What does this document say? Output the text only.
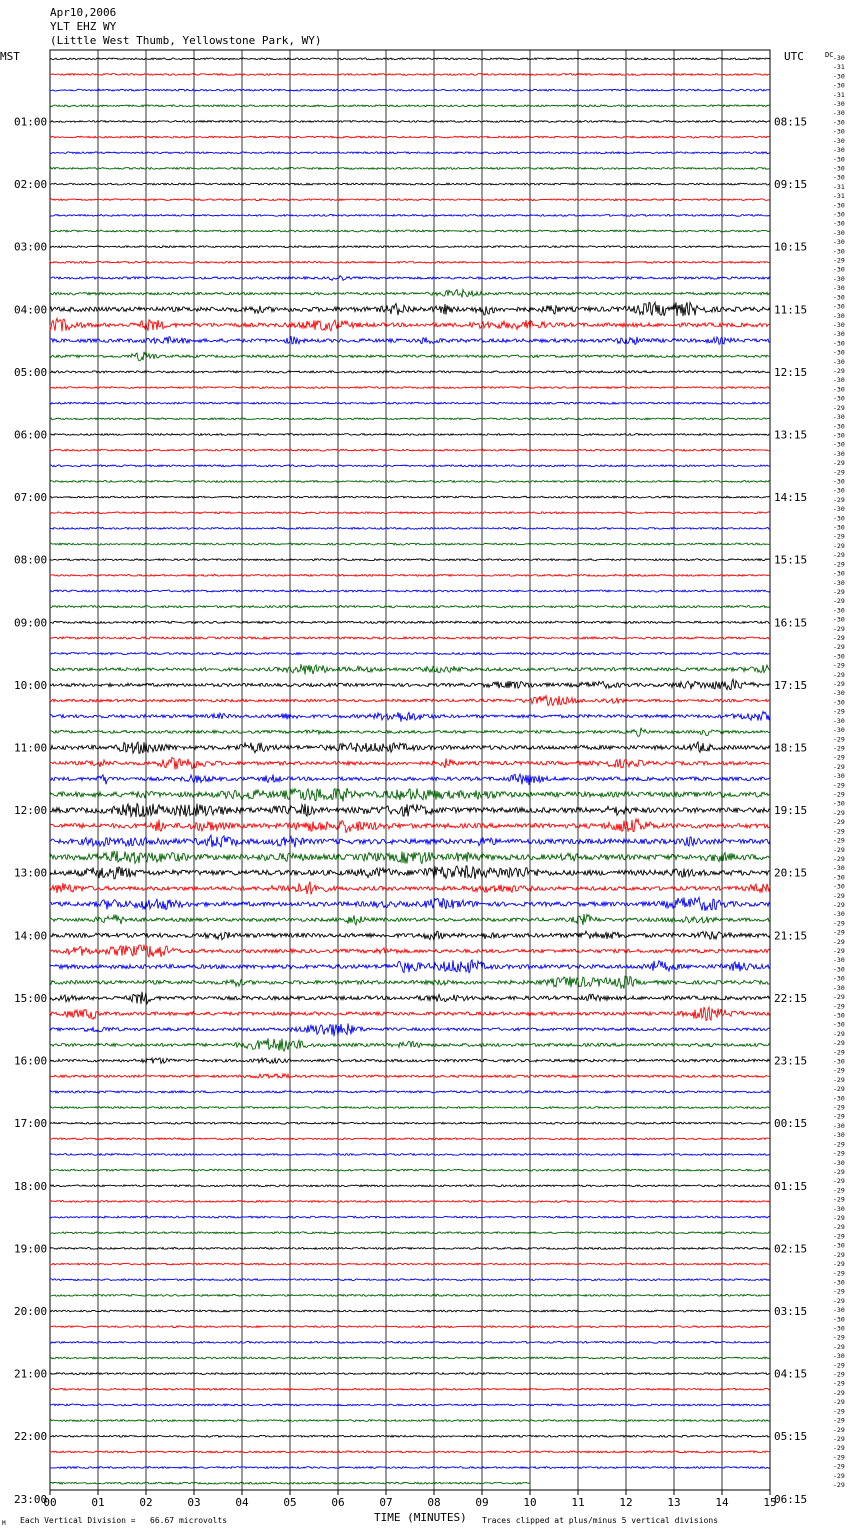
Apr10,2006
YLT EHZ WY
(Little West Thumb, Yellowstone Park, WY)
MST	UTC	DC
01:00
02:00
03:00
04:00
05:00
06:00
07:00
08:00
09:00
10:00
11:00
12:00
13:00
14:00
15:00
16:00
17:00
18:00
19:00
20:00
21:00
22:00
23:00
08:15
09:15
10:15
11:15
12:15
13:15
14:15
15:15
16:15
17:15
18:15
19:15
20:15
21:15
22:15
23:15
00:15
01:15
02:15
03:15
04:15
05:15
06:15
-30
-31
-30
-30
-31
-30
-30
-30
-30
-30
-30
-30
-30
-30
-31
-31
-30
-30
-30
-30
-30
-30
-29
-30
-30
-30
-30
-30
-30
-30
-30
-30
-30
-30
-29
-30
-30
-30
-29
-30
-30
-30
-30
-30
-29
-29
-30
-30
-29
-30
-30
-30
-29
-29
-29
-29
-30
-30
-29
-29
-30
-30
-29
-29
-29
-30
-29
-29
-29
-30
-30
-29
-30
-30
-29
-29
-29
-29
-30
-29
-29
-30
-29
-29
-29
-29
-29
-29
-30
-30
-30
-29
-29
-30
-29
-29
-29
-29
-30
-30
-30
-30
-29
-29
-30
-30
-29
-29
-29
-30
-29
-29
-29
-30
-29
-29
-30
-30
-29
-29
-30
-29
-29
-29
-29
-30
-29
-29
-29
-30
-29
-29
-29
-30
-29
-29
-30
-30
-30
-29
-29
-30
-29
-29
-29
-29
-29
-29
-29
-29
-29
-29
-29
-29
-29
-29
00	01	02	03	04	05	06	07	08	09	10	11	12	13	14	15
TIME (MINUTES)
M Each Vertical Division =   66.67 microvolts	Traces clipped at plus/minus 5 vertical divisions
